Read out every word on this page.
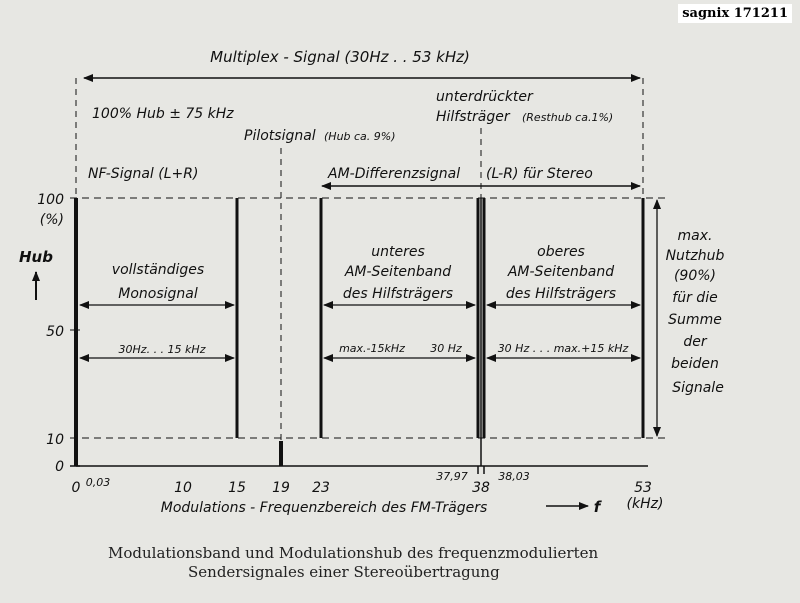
sagnix 171211
Multiplex - Signal (30Hz . . 53 kHz)
100% Hub ± 75 kHz
Pilotsignal (Hub ca. 9%)
unterdrückter
Hilfsträger (Resthub ca.1%)
NF-Signal (L+R)	AM-Differenzsignal (L-R) für Stereo
100
(%)
Hub
50
10
0
vollständiges
Monosignal
30Hz. . . 15 kHz
unteres
AM-Seitenband
des Hilfsträgers
max.-15kHz 30 Hz
oberes
AM-Seitenband
des Hilfsträgers
30 Hz . . . max.+15 kHz
max.
Nutzhub
(90%)
für die
Summe
der
beiden
Signale
0 0,03	10	15 19 23	38	53
37,97	38,03
Modulations - Frequenzbereich des FM-Trägers	f (kHz)
Modulationsband und Modulationshub des frequenzmodulierten
Sendersignales einer Stereoübertragung
